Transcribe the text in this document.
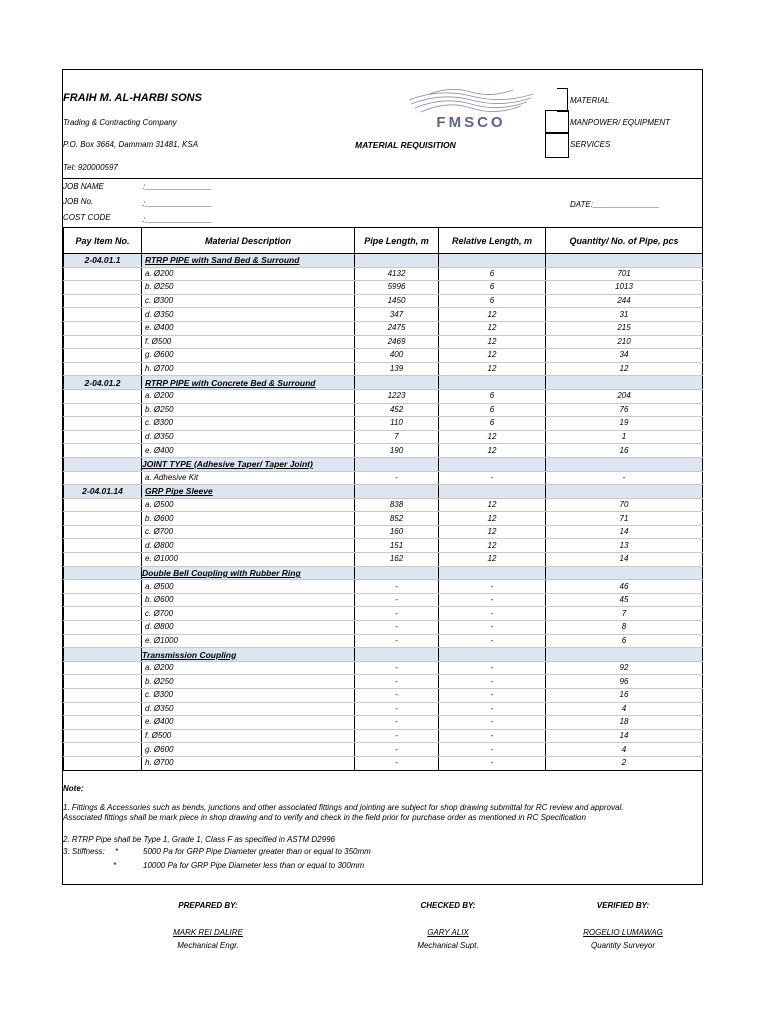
FRAIH M. AL-HARBI SONS
Trading & Contracting Company
P.O. Box 3664, Dammam 31481, KSA
Tel: 920000597
FMSCO
MATERIAL REQUISITION
MATERIAL
MANPOWER/ EQUIPMENT
SERVICES
JOB NAME	:_______________
JOB No.	:_______________
COST CODE	:_______________
DATE:_______________
Pay Item No.	Material Description	Pipe Length, m	Relative Length, m	Quantity/ No. of Pipe, pcs
2-04.01.1	RTRP PIPE with Sand Bed & Surround			
	a. Ø200	4132	6	701
	b. Ø250	5996	6	1013
	c. Ø300	1450	6	244
	d. Ø350	347	12	31
	e. Ø400	2475	12	215
	f. Ø500	2469	12	210
	g. Ø600	400	12	34
	h. Ø700	139	12	12
2-04.01.2	RTRP PIPE with Concrete Bed & Surround			
	a. Ø200	1223	6	204
	b. Ø250	452	6	76
	c. Ø300	110	6	19
	d. Ø350	7	12	1
	e. Ø400	190	12	16
	JOINT TYPE (Adhesive Taper/ Taper Joint)			
	a. Adhesive Kit	-	-	-
2-04.01.14	GRP Pipe Sleeve			
	a. Ø500	838	12	70
	b. Ø600	852	12	71
	c. Ø700	160	12	14
	d. Ø800	151	12	13
	e. Ø1000	162	12	14
	Double Bell Coupling with Rubber Ring			
	a. Ø500	-	-	46
	b. Ø600	-	-	45
	c. Ø700	-	-	7
	d. Ø800	-	-	8
	e. Ø1000	-	-	6
	Transmission Coupling			
	a. Ø200	-	-	92
	b. Ø250	-	-	96
	c. Ø300	-	-	16
	d. Ø350	-	-	4
	e. Ø400	-	-	18
	f. Ø500	-	-	14
	g. Ø600	-	-	4
	h. Ø700	-	-	2
Note:
1. Fittings & Accessories such as bends, junctions and other associated fittings and jointing are subject for shop drawing submittal for RC review and approval.
Associated fittings shall be mark piece in shop drawing and to verify and check in the field prior for purchase order as mentioned in RC Specification
2. RTRP Pipe shall be Type 1, Grade 1, Class F as specified in ASTM D2996
3. Stiffness: *	5000 Pa for GRP Pipe Diameter greater than or equal to 350mm
*	10000 Pa for GRP Pipe Diameter less than or equal to 300mm
PREPARED BY:
MARK REI DALIRE
Mechanical Engr.
CHECKED BY:
GARY ALIX
Mechanical Supt.
VERIFIED BY:
ROGELIO LUMAWAG
Quantity Surveyor
